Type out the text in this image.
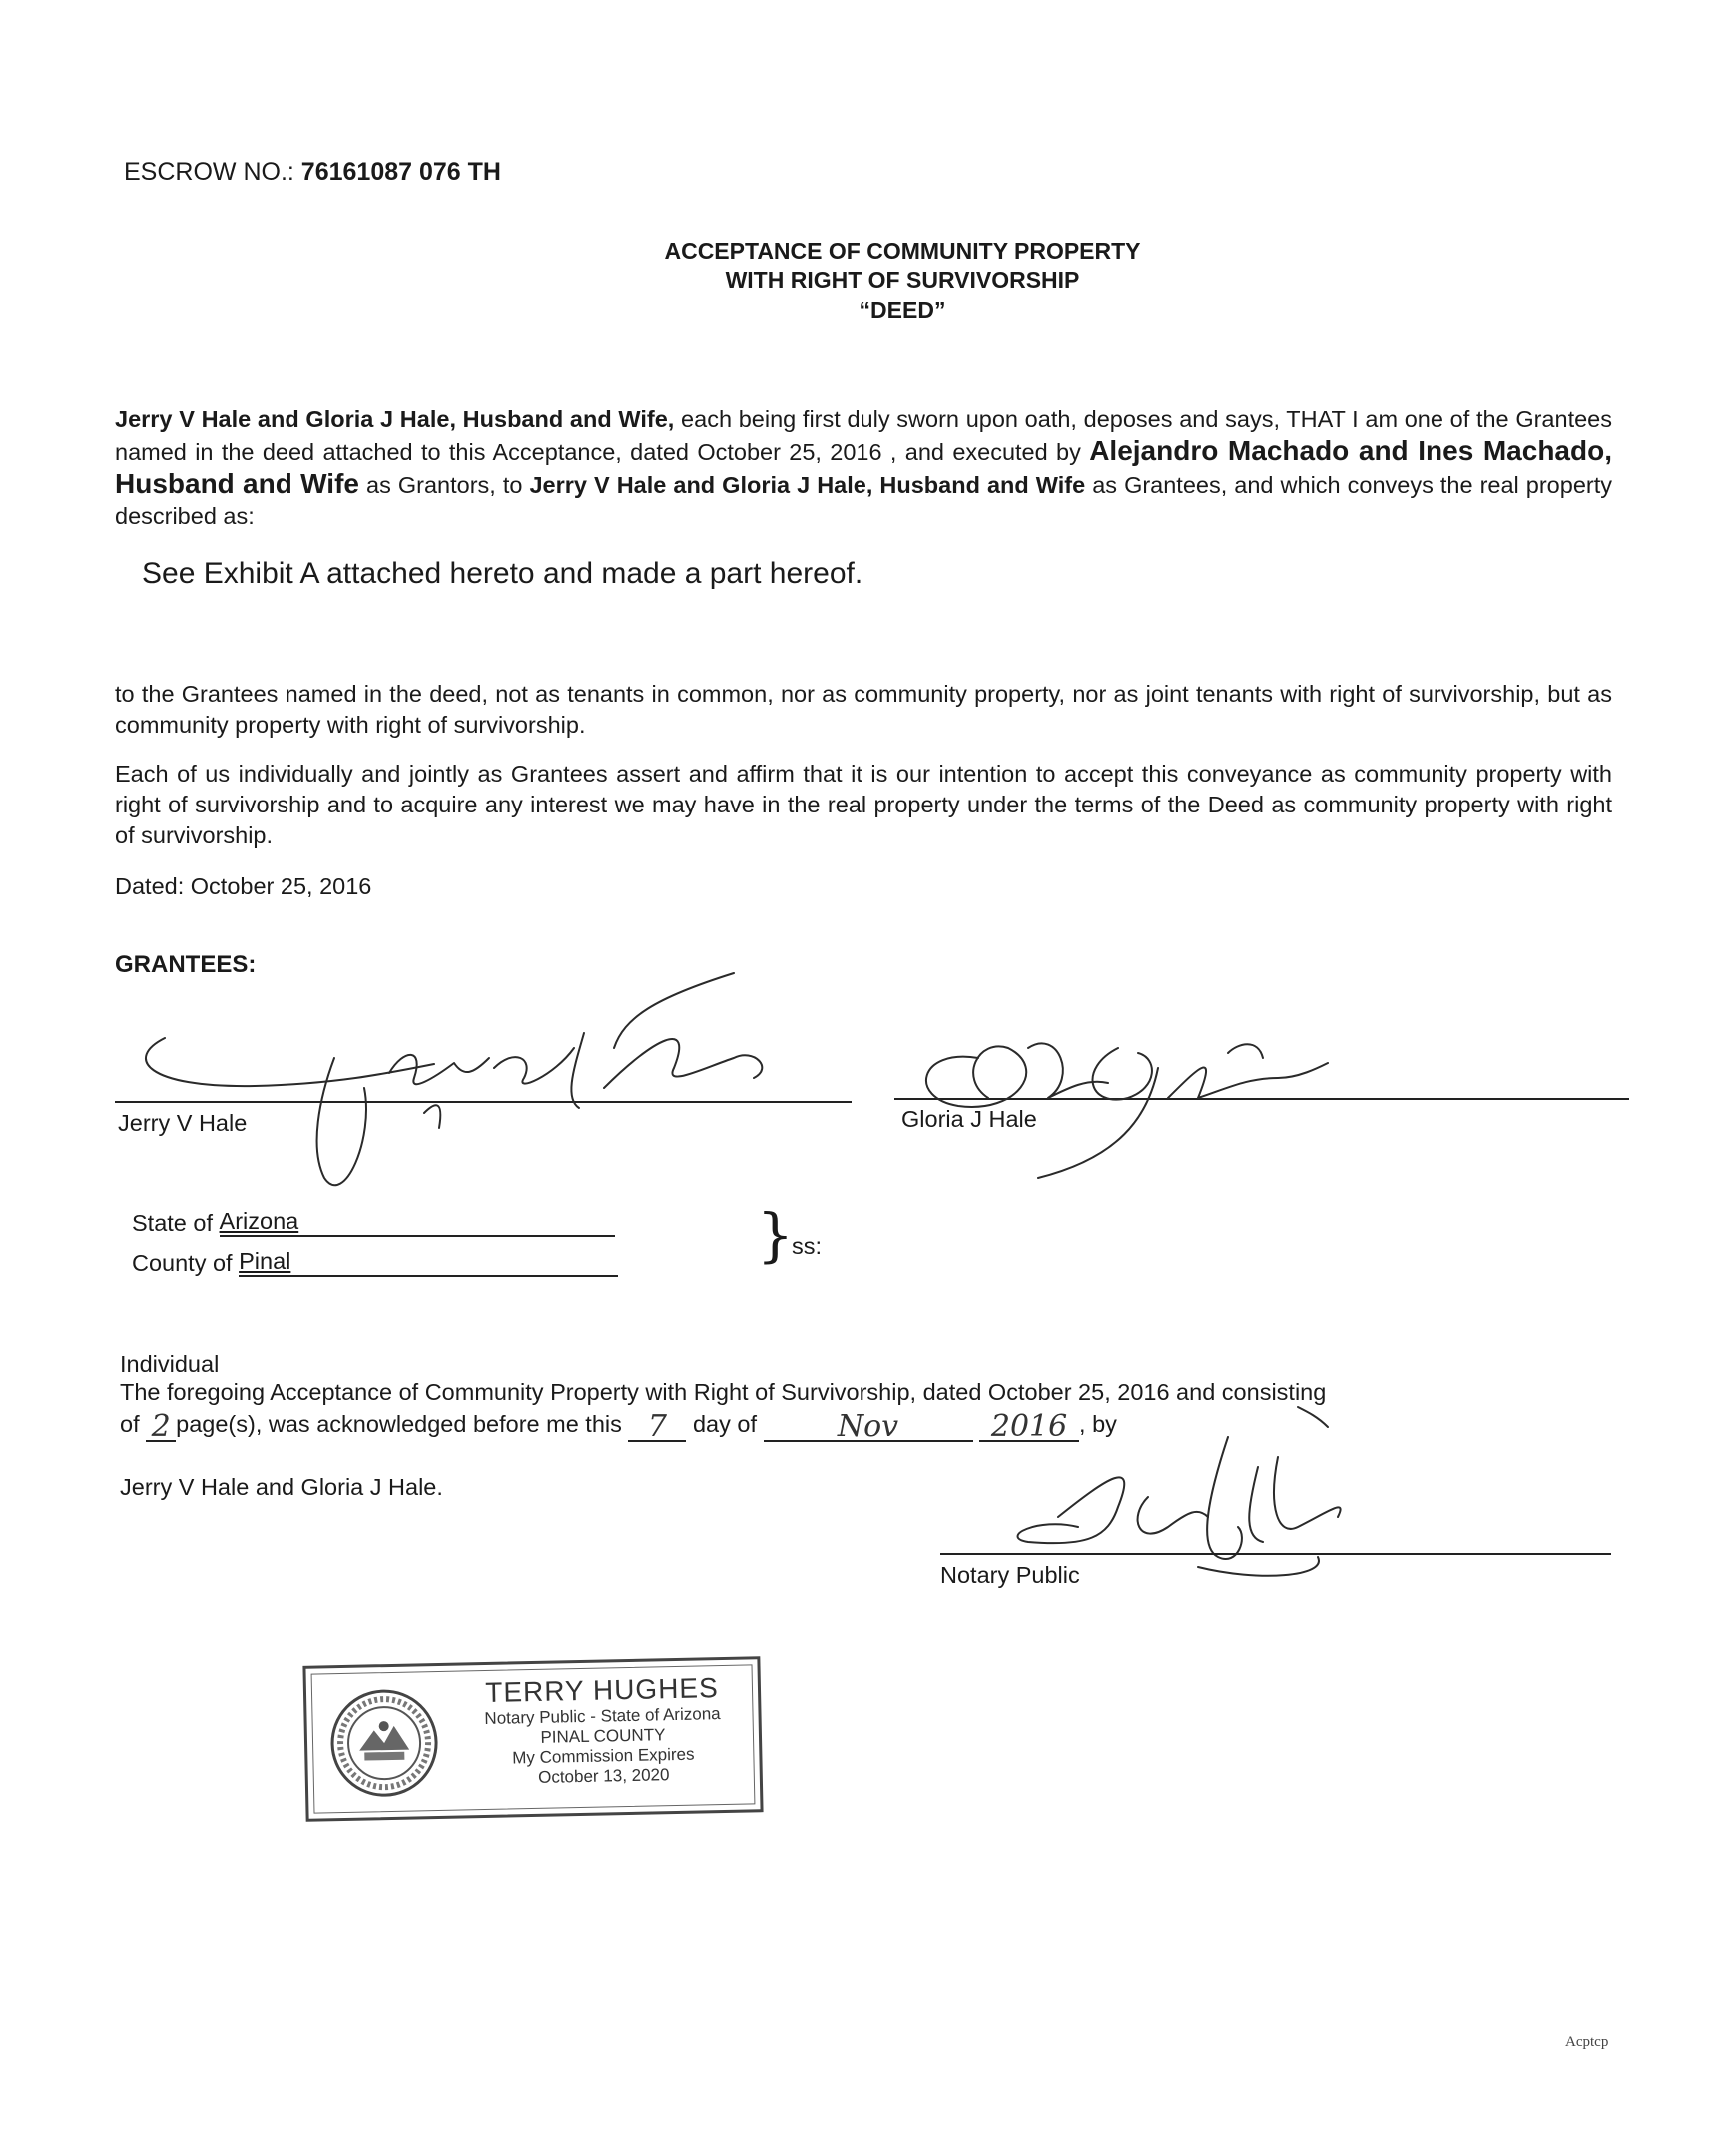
ESCROW NO.: 76161087 076 TH
ACCEPTANCE OF COMMUNITY PROPERTY
WITH RIGHT OF SURVIVORSHIP
“DEED”
Jerry V Hale and Gloria J Hale, Husband and Wife, each being first duly sworn upon oath, deposes and says, THAT I am one of the Grantees named in the deed attached to this Acceptance, dated October 25, 2016 , and executed by Alejandro Machado and Ines Machado, Husband and Wife as Grantors, to Jerry V Hale and Gloria J Hale, Husband and Wife as Grantees, and which conveys the real property described as:
See Exhibit A attached hereto and made a part hereof.
to the Grantees named in the deed, not as tenants in common, nor as community property, nor as joint tenants with right of survivorship, but as community property with right of survivorship.
Each of us individually and jointly as Grantees assert and affirm that it is our intention to accept this conveyance as community property with right of survivorship and to acquire any interest we may have in the real property under the terms of the Deed as community property with right of survivorship.
Dated: October 25, 2016
GRANTEES:
Jerry V Hale	Gloria J Hale
State of Arizona
County of Pinal	}
ss:
Individual
The foregoing Acceptance of Community Property with Right of Survivorship, dated October 25, 2016 and consisting
of 2 page(s), was acknowledged before me this 7	day of	Nov
	2016 , by
Jerry V Hale and Gloria J Hale.
Notary Public
TERRY HUGHES
Notary Public - State of Arizona
PINAL COUNTY
My Commission Expires
October 13, 2020
Acptcp
